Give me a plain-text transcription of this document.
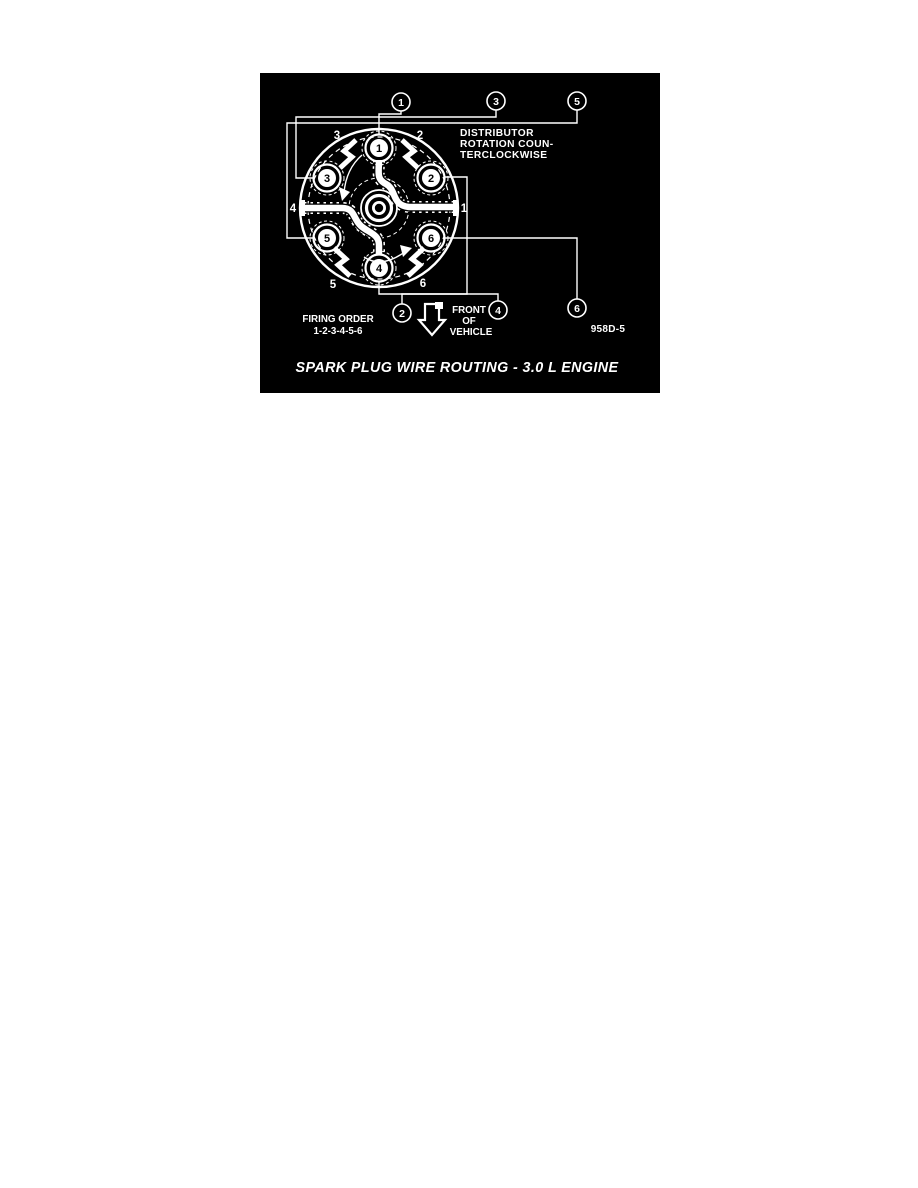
1
2
3
4
5	6
1
2
3
4
5	6
1	3	5
2	4	6
DISTRIBUTOR
ROTATION COUN-
TERCLOCKWISE
FIRING ORDER
1-2-3-4-5-6
FRONT
OF
VEHICLE	958D-5
SPARK PLUG WIRE ROUTING - 3.0 L ENGINE
